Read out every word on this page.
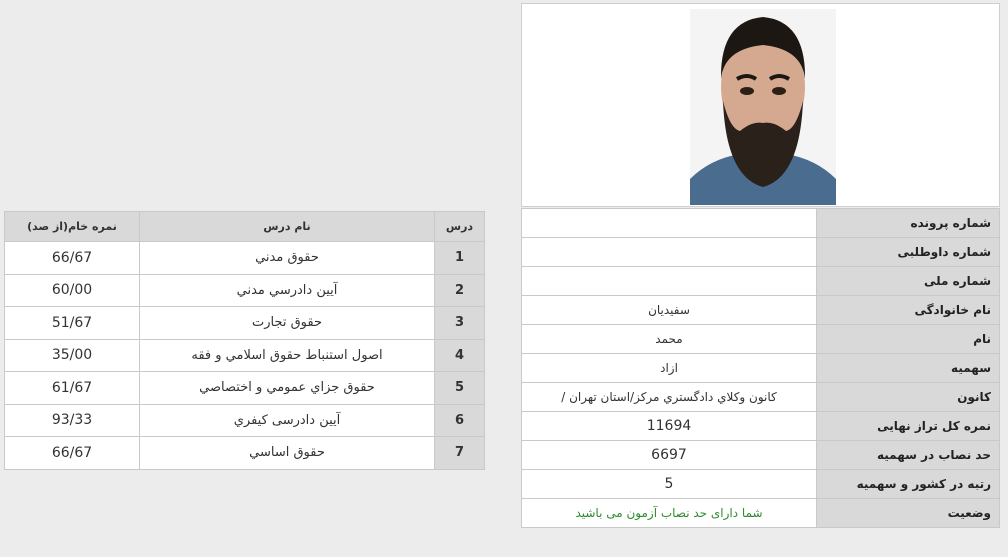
شماره پرونده	
شماره داوطلبی	
شماره ملی	
نام خانوادگی	سفيديان
نام	محمد
سهميه	ازاد
کانون	کانون وکلاي دادگستري مرکز/استان تهران /
نمره کل تراز نهایی	11694
حد نصاب در سهمیه	6697
رتبه در کشور و سهمیه	5
وضعیت	شما دارای حد نصاب آزمون می باشید
درس	نام درس	نمره خام(از صد)
1	حقوق مدني	66/67
2	آيين دادرسي مدني	60/00
3	حقوق تجارت	51/67
4	اصول استنباط حقوق اسلامي و فقه	35/00
5	حقوق جزاي عمومي و اختصاصي	61/67
6	آيين دادرسی کيفري	93/33
7	حقوق اساسي	66/67
